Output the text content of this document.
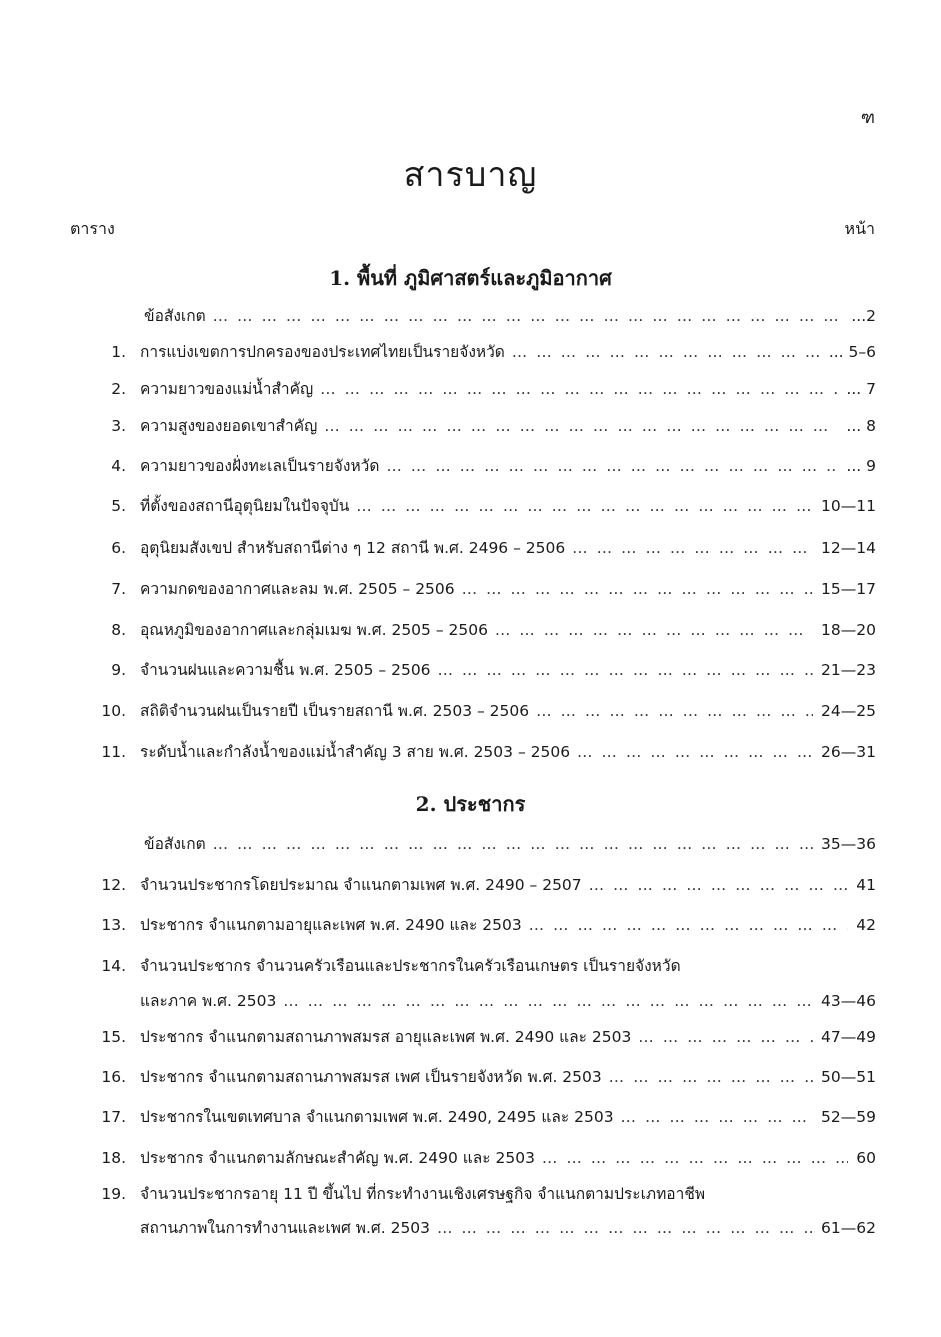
ฑ
สารบาญ
ตาราง	หน้า
1. พื้นที่ ภูมิศาสตร์และภูมิอากาศ
ข้อสังเกต … … … … … … … … … … … … … … … … … … … … … … … … … … … … … … … … … … … … … … … … … … … … … … … …	...2
1. การแบ่งเขตการปกครองของประเทศไทยเป็นรายจังหวัด … … … … … … … … … … … … … … … … … … … … … … … … … … … … … … … … … … … … … … … … … … … … … … … …	... 5–6
2. ความยาวของแม่น้ำสำคัญ … … … … … … … … … … … … … … … … … … … … … … … … … … … … … … … … … … … … … … … … … … … … … … … …	... 7
3. ความสูงของยอดเขาสำคัญ … … … … … … … … … … … … … … … … … … … … … … … … … … … … … … … … … … … … … … … … … … … … … … … …	... 8
4. ความยาวของฝั่งทะเลเป็นรายจังหวัด … … … … … … … … … … … … … … … … … … … … … … … … … … … … … … … … … … … … … … … … … … … … … … … …	... 9
5. ที่ตั้งของสถานีอุตุนิยมในปัจจุบัน … … … … … … … … … … … … … … … … … … … … … … … … … … … … … … … … … … … … … … … … … … … … … … … …	10—11
6. อุตุนิยมสังเขป สำหรับสถานีต่าง ๆ 12 สถานี พ.ศ. 2496 – 2506 … … … … … … … … … … … … … … … … … … … … … … … … … … … … … … … … … … … … … … … … … … … … … … … …	12—14
7. ความกดของอากาศและลม พ.ศ. 2505 – 2506 … … … … … … … … … … … … … … … … … … … … … … … … … … … … … … … … … … … … … … … … … … … … … … … …	15—17
8. อุณหภูมิของอากาศและกลุ่มเมฆ พ.ศ. 2505 – 2506 … … … … … … … … … … … … … … … … … … … … … … … … … … … … … … … … … … … … … … … … … … … … … … … …	18—20
9. จำนวนฝนและความชื้น พ.ศ. 2505 – 2506 … … … … … … … … … … … … … … … … … … … … … … … … … … … … … … … … … … … … … … … … … … … … … … … …	21—23
10. สถิติจำนวนฝนเป็นรายปี เป็นรายสถานี พ.ศ. 2503 – 2506 … … … … … … … … … … … … … … … … … … … … … … … … … … … … … … … … … … … … … … … … … … … … … … … …	24—25
11. ระดับน้ำและกำลังน้ำของแม่น้ำสำคัญ 3 สาย พ.ศ. 2503 – 2506 … … … … … … … … … … … … … … … … … … … … … … … … … … … … … … … … … … … … … … … … … … … … … … … …	26—31
2. ประชากร
ข้อสังเกต … … … … … … … … … … … … … … … … … … … … … … … … … … … … … … … … … … … … … … … … … … … … … … … …	35—36
12. จำนวนประชากรโดยประมาณ จำแนกตามเพศ พ.ศ. 2490 – 2507 … … … … … … … … … … … … … … … … … … … … … … … … … … … … … … … … … … … … … … … … … … … … … … … …	41
13. ประชากร จำแนกตามอายุและเพศ พ.ศ. 2490 และ 2503 … … … … … … … … … … … … … … … … … … … … … … … … … … … … … … … … … … … … … … … … … … … … … … … …	42
14. จำนวนประชากร จำนวนครัวเรือนและประชากรในครัวเรือนเกษตร เป็นรายจังหวัด
และภาค พ.ศ. 2503 … … … … … … … … … … … … … … … … … … … … … … … … … … … … … … … … … … … … … … … … … … … … … … … …	43—46
15. ประชากร จำแนกตามสถานภาพสมรส อายุและเพศ พ.ศ. 2490 และ 2503 … … … … … … … … … … … … … … … … … … … … … … … … … … … … … … … … … … … … … … … … … … … … … … … …	47—49
16. ประชากร จำแนกตามสถานภาพสมรส เพศ เป็นรายจังหวัด พ.ศ. 2503 … … … … … … … … … … … … … … … … … … … … … … … … … … … … … … … … … … … … … … … … … … … … … … … …	50—51
17. ประชากรในเขตเทศบาล จำแนกตามเพศ พ.ศ. 2490, 2495 และ 2503 … … … … … … … … … … … … … … … … … … … … … … … … … … … … … … … … … … … … … … … … … … … … … … … …	52—59
18. ประชากร จำแนกตามลักษณะสำคัญ พ.ศ. 2490 และ 2503 … … … … … … … … … … … … … … … … … … … … … … … … … … … … … … … … … … … … … … … … … … … … … … … …	60
19. จำนวนประชากรอายุ 11 ปี ขึ้นไป ที่กระทำงานเชิงเศรษฐกิจ จำแนกตามประเภทอาชีพ
สถานภาพในการทำงานและเพศ พ.ศ. 2503 … … … … … … … … … … … … … … … … … … … … … … … … … … … … … … … … … … … … … … … … … … … … … … … …	61—62
